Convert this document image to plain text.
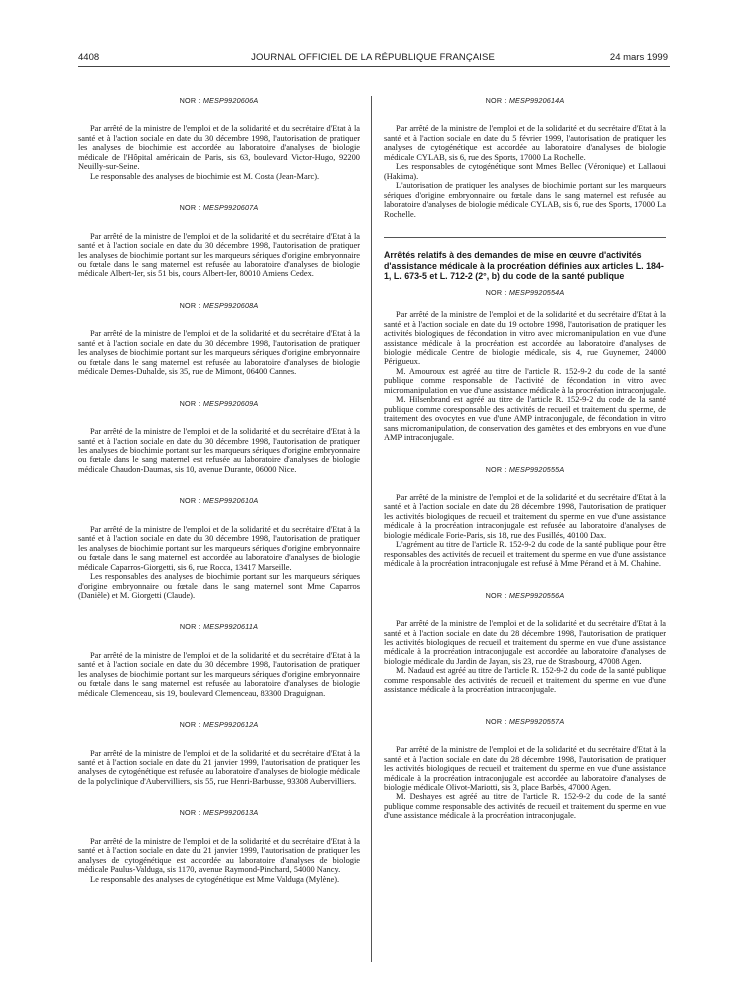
4408	JOURNAL OFFICIEL DE LA RÉPUBLIQUE FRANÇAISE	24 mars 1999
NOR : MESP9920606A

Par arrêté de la ministre de l'emploi et de la solidarité et du secrétaire d'Etat à la santé et à l'action sociale en date du 30 décembre 1998, l'autorisation de pratiquer les analyses de biochimie est accordée au laboratoire d'analyses de biologie médicale de l'Hôpital américain de Paris, sis 63, boulevard Victor-Hugo, 92200 Neuilly-sur-Seine.

Le responsable des analyses de biochimie est M. Costa (Jean-Marc).

NOR : MESP9920607A

Par arrêté de la ministre de l'emploi et de la solidarité et du secrétaire d'Etat à la santé et à l'action sociale en date du 30 décembre 1998, l'autorisation de pratiquer les analyses de biochimie portant sur les marqueurs sériques d'origine embryonnaire ou fœtale dans le sang maternel est refusée au laboratoire d'analyses de biologie médicale Albert-Ier, sis 51 bis, cours Albert-Ier, 80010 Amiens Cedex.

NOR : MESP9920608A

Par arrêté de la ministre de l'emploi et de la solidarité et du secrétaire d'Etat à la santé et à l'action sociale en date du 30 décembre 1998, l'autorisation de pratiquer les analyses de biochimie portant sur les marqueurs sériques d'origine embryonnaire ou fœtale dans le sang maternel est refusée au laboratoire d'analyses de biologie médicale Demes-Duhalde, sis 35, rue de Mimont, 06400 Cannes.

NOR : MESP9920609A

Par arrêté de la ministre de l'emploi et de la solidarité et du secrétaire d'Etat à la santé et à l'action sociale en date du 30 décembre 1998, l'autorisation de pratiquer les analyses de biochimie portant sur les marqueurs sériques d'origine embryonnaire ou fœtale dans le sang maternel est refusée au laboratoire d'analyses de biologie médicale Chaudon-Daumas, sis 10, avenue Durante, 06000 Nice.

NOR : MESP9920610A

Par arrêté de la ministre de l'emploi et de la solidarité et du secrétaire d'Etat à la santé et à l'action sociale en date du 30 décembre 1998, l'autorisation de pratiquer les analyses de biochimie portant sur les marqueurs sériques d'origine embryonnaire ou fœtale dans le sang maternel est accordée au laboratoire d'analyses de biologie médicale Caparros-Giorgetti, sis 6, rue Rocca, 13417 Marseille.

Les responsables des analyses de biochimie portant sur les marqueurs sériques d'origine embryonnaire ou fœtale dans le sang maternel sont Mme Caparros (Danièle) et M. Giorgetti (Claude).

NOR : MESP9920611A

Par arrêté de la ministre de l'emploi et de la solidarité et du secrétaire d'Etat à la santé et à l'action sociale en date du 30 décembre 1998, l'autorisation de pratiquer les analyses de biochimie portant sur les marqueurs sériques d'origine embryonnaire ou fœtale dans le sang maternel est refusée au laboratoire d'analyses de biologie médicale Clemenceau, sis 19, boulevard Clemenceau, 83300 Draguignan.

NOR : MESP9920612A

Par arrêté de la ministre de l'emploi et de la solidarité et du secrétaire d'Etat à la santé et à l'action sociale en date du 21 janvier 1999, l'autorisation de pratiquer les analyses de cytogénétique est refusée au laboratoire d'analyses de biologie médicale de la polyclinique d'Aubervilliers, sis 55, rue Henri-Barbusse, 93308 Aubervilliers.

NOR : MESP9920613A

Par arrêté de la ministre de l'emploi et de la solidarité et du secrétaire d'Etat à la santé et à l'action sociale en date du 21 janvier 1999, l'autorisation de pratiquer les analyses de cytogénétique est accordée au laboratoire d'analyses de biologie médicale Paulus-Valduga, sis 1170, avenue Raymond-Pinchard, 54000 Nancy.

Le responsable des analyses de cytogénétique est Mme Valduga (Mylène).

NOR : MESP9920614A

Par arrêté de la ministre de l'emploi et de la solidarité et du secrétaire d'Etat à la santé et à l'action sociale en date du 5 février 1999, l'autorisation de pratiquer les analyses de cytogénétique est accordée au laboratoire d'analyses de biologie médicale CYLAB, sis 6, rue des Sports, 17000 La Rochelle.

Les responsables de cytogénétique sont Mmes Bellec (Véronique) et Lallaoui (Hakima).

L'autorisation de pratiquer les analyses de biochimie portant sur les marqueurs sériques d'origine embryonnaire ou fœtale dans le sang maternel est refusée au laboratoire d'analyses de biologie médicale CYLAB, sis 6, rue des Sports, 17000 La Rochelle.

Arrêtés relatifs à des demandes de mise en œuvre d'activités d'assistance médicale à la procréation définies aux articles L. 184-1, L. 673-5 et L. 712-2 (2°, b) du code de la santé publique

NOR : MESP9920554A

Par arrêté de la ministre de l'emploi et de la solidarité et du secrétaire d'Etat à la santé et à l'action sociale en date du 19 octobre 1998, l'autorisation de pratiquer les activités biologiques de fécondation in vitro avec micromanipulation en vue d'une assistance médicale à la procréation est accordée au laboratoire d'analyses de biologie médicale Centre de biologie médicale, sis 4, rue Guynemer, 24000 Périgueux.

M. Amouroux est agréé au titre de l'article R. 152-9-2 du code de la santé publique comme responsable de l'activité de fécondation in vitro avec micromanipulation en vue d'une assistance médicale à la procréation intraconjugale.

M. Hilsenbrand est agréé au titre de l'article R. 152-9-2 du code de la santé publique comme coresponsable des activités de recueil et traitement du sperme, de traitement des ovocytes en vue d'une AMP intraconjugale, de fécondation in vitro sans micromanipulation, de conservation des gamètes et des embryons en vue d'une AMP intraconjugale.

NOR : MESP9920555A

Par arrêté de la ministre de l'emploi et de la solidarité et du secrétaire d'Etat à la santé et à l'action sociale en date du 28 décembre 1998, l'autorisation de pratiquer les activités biologiques de recueil et traitement du sperme en vue d'une assistance médicale à la procréation intraconjugale est refusée au laboratoire d'analyses de biologie médicale Forie-Paris, sis 18, rue des Fusillés, 40100 Dax.

L'agrément au titre de l'article R. 152-9-2 du code de la santé publique pour être responsables des activités de recueil et traitement du sperme en vue d'une assistance médicale à la procréation intraconjugale est refusé à Mme Pérand et à M. Chahine.

NOR : MESP9920556A

Par arrêté de la ministre de l'emploi et de la solidarité et du secrétaire d'Etat à la santé et à l'action sociale en date du 28 décembre 1998, l'autorisation de pratiquer les activités biologiques de recueil et traitement du sperme en vue d'une assistance médicale à la procréation intraconjugale est accordée au laboratoire d'analyses de biologie médicale du Jardin de Jayan, sis 23, rue de Strasbourg, 47008 Agen.

M. Nadaud est agréé au titre de l'article R. 152-9-2 du code de la santé publique comme responsable des activités de recueil et traitement du sperme en vue d'une assistance médicale à la procréation intraconjugale.

NOR : MESP9920557A

Par arrêté de la ministre de l'emploi et de la solidarité et du secrétaire d'Etat à la santé et à l'action sociale en date du 28 décembre 1998, l'autorisation de pratiquer les activités biologiques de recueil et traitement du sperme en vue d'une assistance médicale à la procréation intraconjugale est accordée au laboratoire d'analyses de biologie médicale Olivot-Mariotti, sis 3, place Barbès, 47000 Agen.

M. Deshayes est agréé au titre de l'article R. 152-9-2 du code de la santé publique comme responsable des activités de recueil et traitement du sperme en vue d'une assistance médicale à la procréation intraconjugale.
